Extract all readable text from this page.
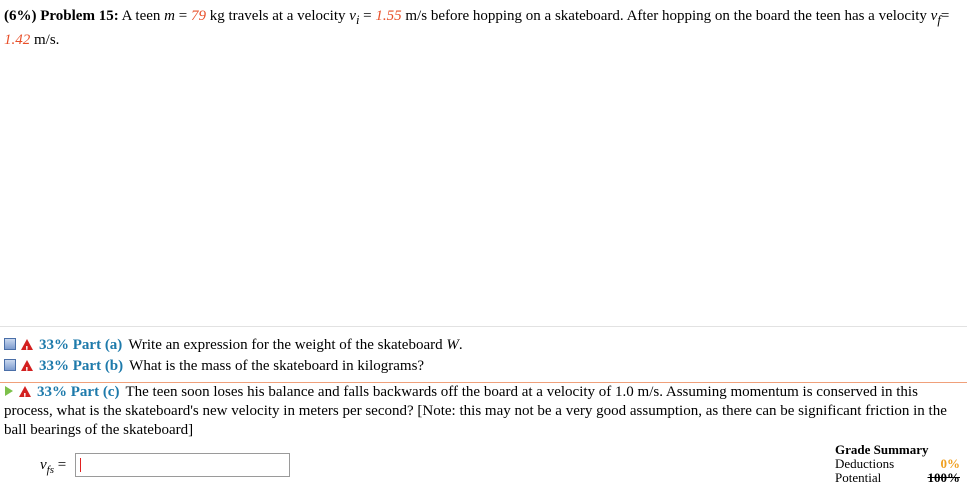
(6%) Problem 15: A teen m = 79 kg travels at a velocity $v_i = 1.55$ m/s before hopping on a skateboard. After hopping on the board the teen has a velocity $v_f= 1.42$ m/s.
!33% Part (a) Write an expression for the weight of the skateboard W.
!33% Part (b) What is the mass of the skateboard in kilograms?
!33% Part (c) The teen soon loses his balance and falls backwards off the board at a velocity of 1.0 m/s. Assuming momentum is conserved in this process, what is the skateboard's new velocity in meters per second? [Note: this may not be a very good assumption, as there can be significant friction in the ball bearings of the skateboard]
$v_{fs}$ =
Grade Summary
Deductions	0%
Potential	100%
